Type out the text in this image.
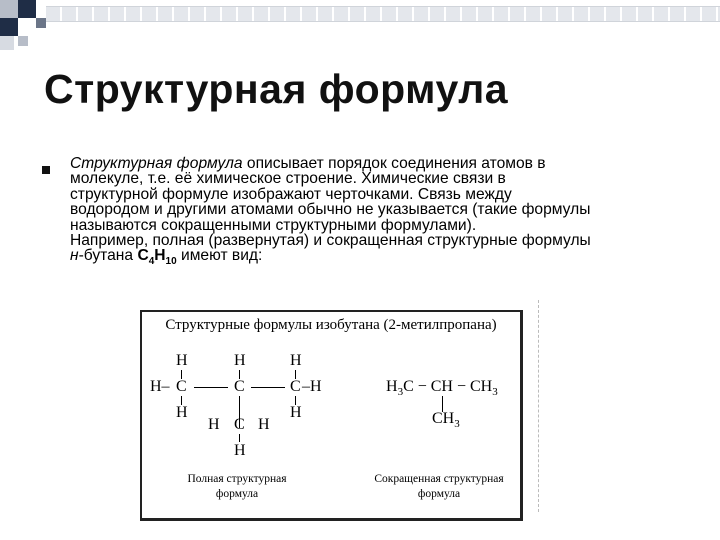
Структурная формула
Структурная формула описывает порядок соединения атомов в
молекуле, т.е. её химическое строение. Химические связи в
структурной формуле изображают черточками. Связь между
водородом и другими атомами обычно не указывается (такие формулы
называются сокращенными структурными формулами).
Например, полная (развернутая) и сокращенная структурные формулы
н-бутана $C_4H_{10}$ имеют вид:
Структурные формулы изобутана (2-метилпропана)
H	H	H
H– C	C	C –H
H	H
H C H
H
Полная структурная
формула
$H_3C$ − CH − $CH_3$
$CH_3$
Сокращенная структурная
формула
